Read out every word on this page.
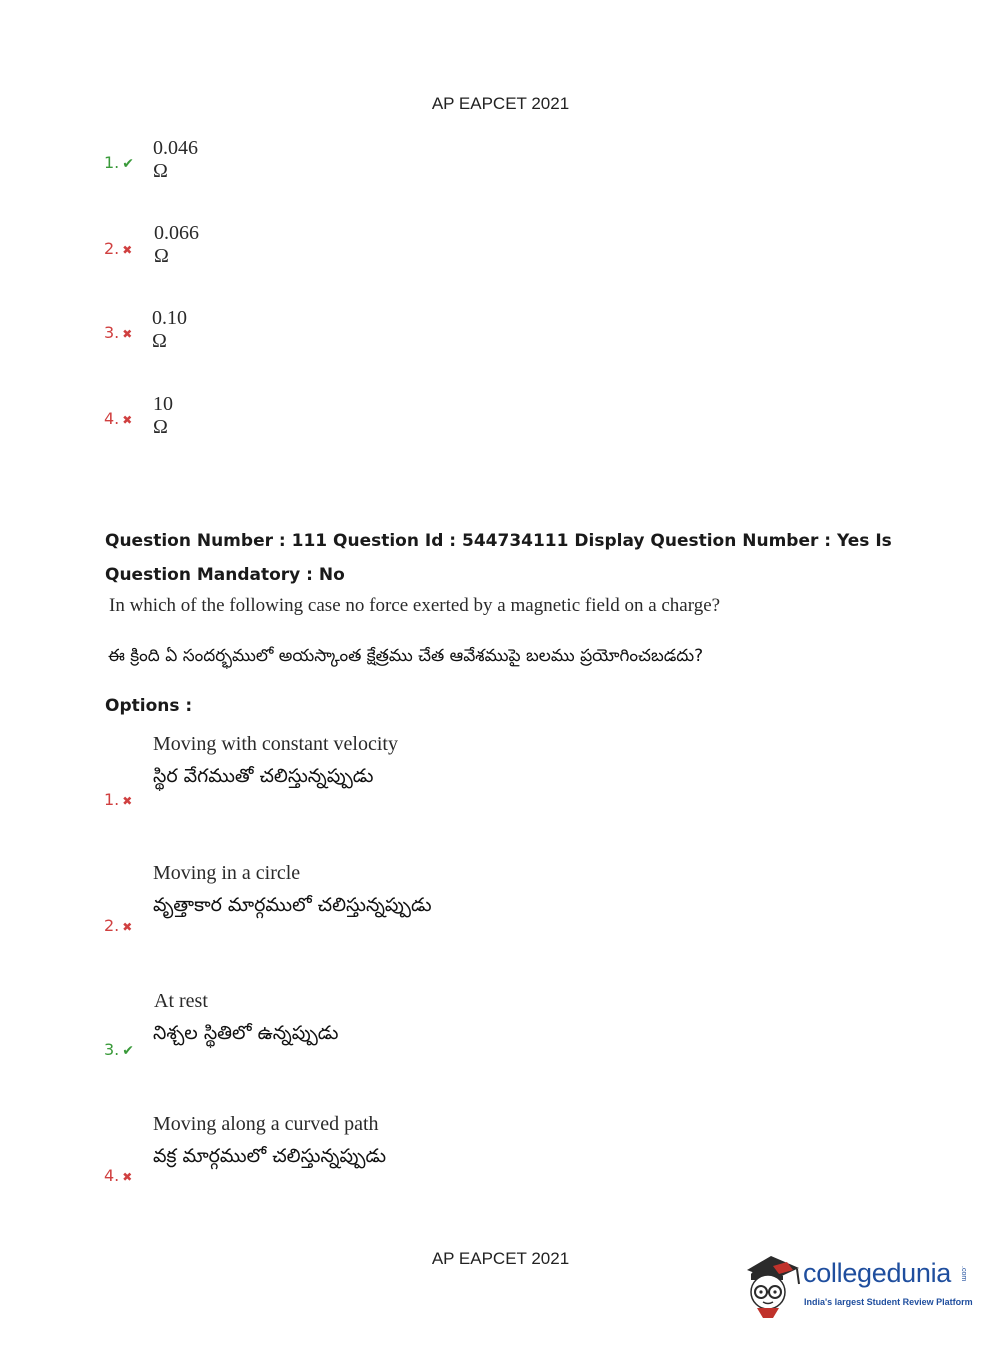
AP EAPCET 2021
1. ✔
0.046 Ω
2. ✖
0.066 Ω
3. ✖
0.10 Ω
4. ✖
10 Ω
Question Number : 111 Question Id : 544734111 Display Question Number : Yes Is Question Mandatory : No
In which of the following case no force exerted by a magnetic field on a charge?
ఈ క్రింది ఏ సందర్భములో అయస్కాంత క్షేత్రము చేత ఆవేశముపై బలము ప్రయోగించబడదు?
Options :
Moving with constant velocity
స్థిర వేగముతో చలిస్తున్నప్పుడు
1. ✖
Moving in a circle
వృత్తాకార మార్గములో చలిస్తున్నప్పుడు
2. ✖
At rest
నిశ్చల స్థితిలో ఉన్నప్పుడు
3. ✔
Moving along a curved path
వక్ర మార్గములో చలిస్తున్నప్పుడు
4. ✖
AP EAPCET 2021	collegedunia .com
India's largest Student Review Platform
